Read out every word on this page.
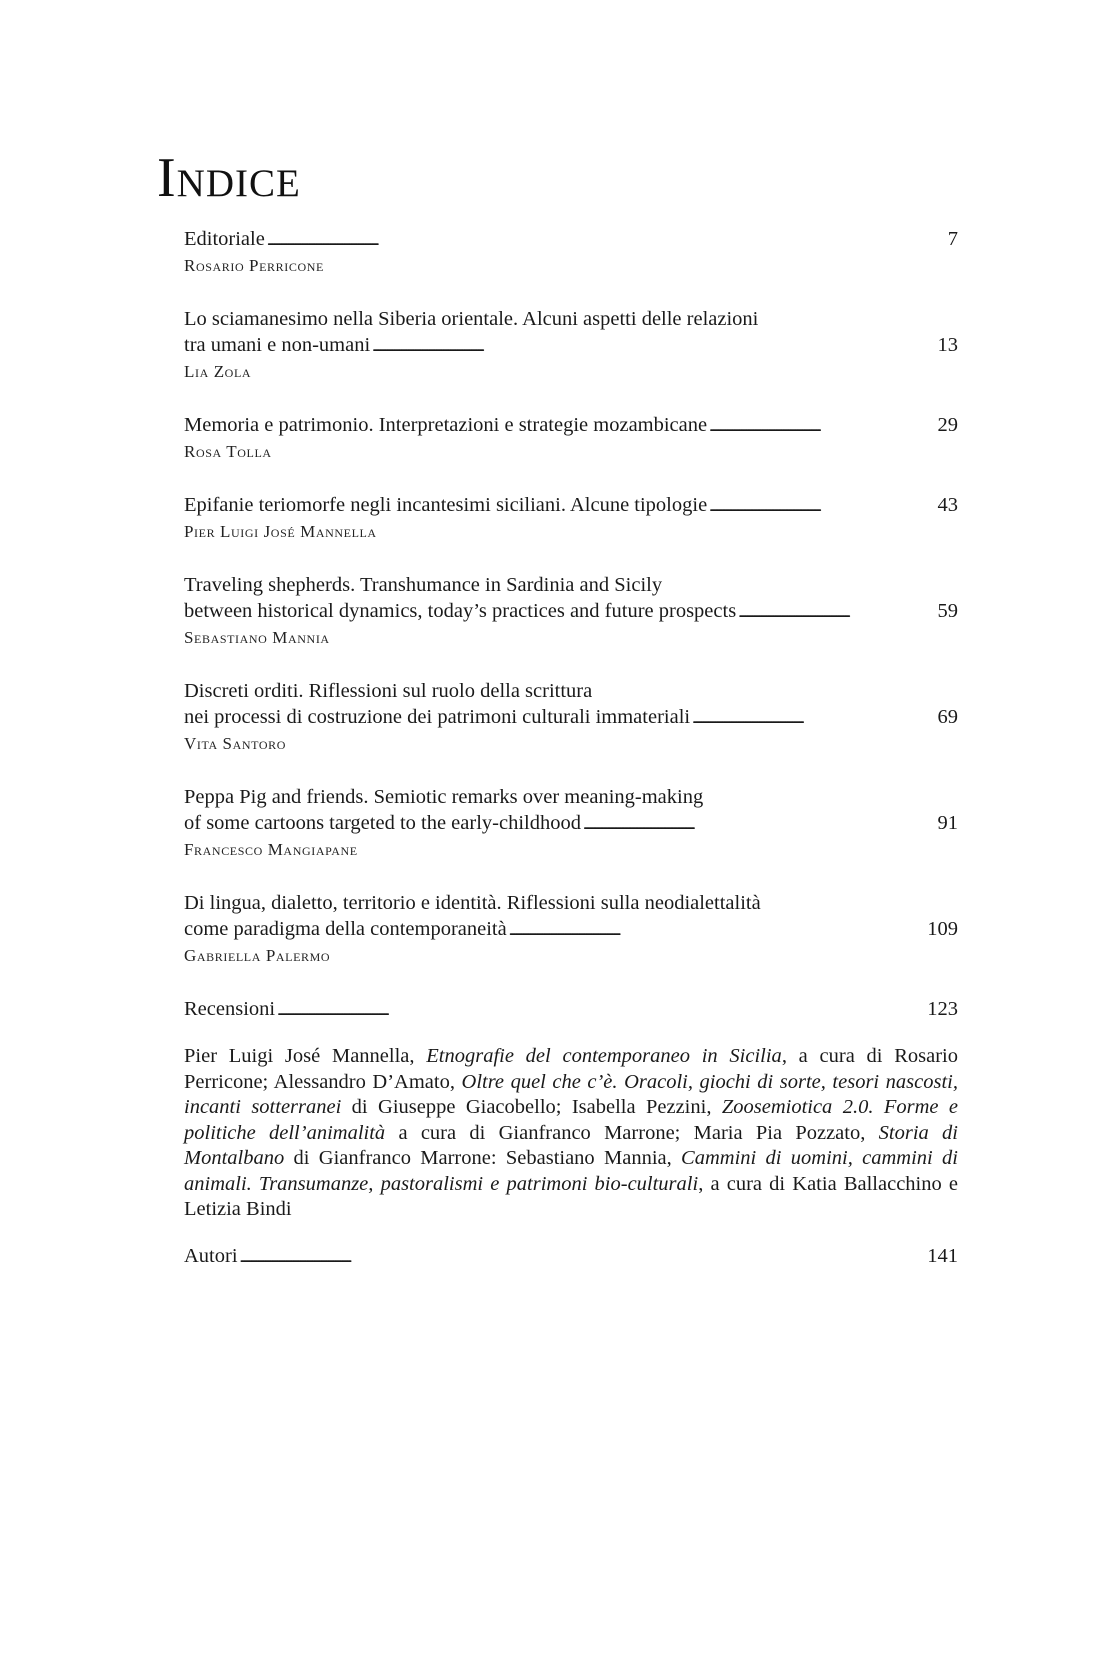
Indice
Editoriale . . .	7
Rosario Perricone
Lo sciamanesimo nella Siberia orientale. Alcuni aspetti delle relazioni
tra umani e non-umani . . .	13
Lia Zola
Memoria e patrimonio. Interpretazioni e strategie mozambicane . . .	29
Rosa Tolla
Epifanie teriomorfe negli incantesimi siciliani. Alcune tipologie . . .	43
Pier Luigi José Mannella
Traveling shepherds. Transhumance in Sardinia and Sicily
between historical dynamics, today’s practices and future prospects . . .	59
Sebastiano Mannia
Discreti orditi. Riflessioni sul ruolo della scrittura
nei processi di costruzione dei patrimoni culturali immateriali . . .	69
Vita Santoro
Peppa Pig and friends. Semiotic remarks over meaning-making
of some cartoons targeted to the early-childhood . . .	91
Francesco Mangiapane
Di lingua, dialetto, territorio e identità. Riflessioni sulla neodialettalità
come paradigma della contemporaneità . . .	109
Gabriella Palermo
Recensioni . . .	123

Pier Luigi José Mannella, Etnografie del contemporaneo in Sicilia, a cura di Rosario Perricone; Alessandro D’Amato, Oltre quel che c’è. Oracoli, giochi di sorte, tesori nascosti, incanti sotterranei di Giuseppe Giacobello; Isabella Pezzini, Zoosemiotica 2.0. Forme e politiche dell’animalità a cura di Gianfranco Marrone; Maria Pia Pozzato, Storia di Montalbano di Gianfranco Marrone: Sebastiano Mannia, Cammini di uomini, cammini di animali. Transumanze, pastoralismi e patrimoni bio-culturali, a cura di Katia Ballacchino e Letizia Bindi

Autori . . .	141
